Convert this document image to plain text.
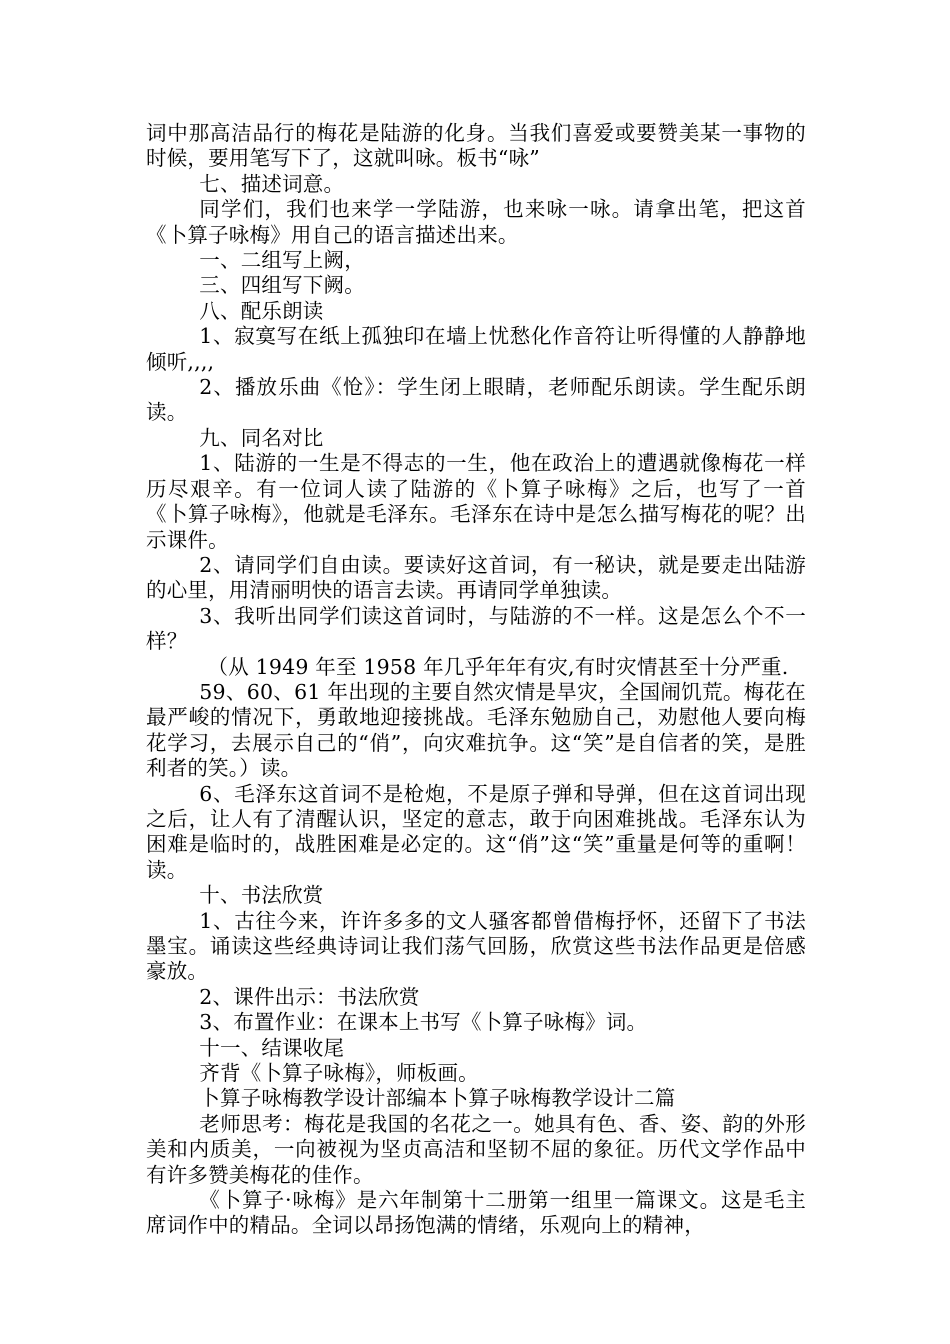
词中那高洁品行的梅花是陆游的化身。当我们喜爱或要赞美某一事物的时候，要用笔写下了，这就叫咏。板书“咏”

七、描述词意。

同学们，我们也来学一学陆游，也来咏一咏。请拿出笔，把这首《卜算子咏梅》用自己的语言描述出来。

一、二组写上阙，

三、四组写下阙。

八、配乐朗读

1、寂寞写在纸上孤独印在墙上忧愁化作音符让听得懂的人静静地倾听,,,,

2、播放乐曲《怆》：学生闭上眼睛，老师配乐朗读。学生配乐朗读。

九、同名对比

1、陆游的一生是不得志的一生，他在政治上的遭遇就像梅花一样历尽艰辛。有一位词人读了陆游的《卜算子咏梅》之后，也写了一首《卜算子咏梅》，他就是毛泽东。毛泽东在诗中是怎么描写梅花的呢？出示课件。

2、请同学们自由读。要读好这首词，有一秘诀，就是要走出陆游的心里，用清丽明快的语言去读。再请同学单独读。

3、我听出同学们读这首词时，与陆游的不一样。这是怎么个不一样？

（从 1949 年至 1958 年几乎年年有灾,有时灾情甚至十分严重.

59、60、61 年出现的主要自然灾情是旱灾，全国闹饥荒。梅花在最严峻的情况下，勇敢地迎接挑战。毛泽东勉励自己，劝慰他人要向梅花学习，去展示自己的“俏”，向灾难抗争。这“笑”是自信者的笑，是胜利者的笑。）读。

6、毛泽东这首词不是枪炮，不是原子弹和导弹，但在这首词出现之后，让人有了清醒认识，坚定的意志，敢于向困难挑战。毛泽东认为困难是临时的，战胜困难是必定的。这“俏”这“笑”重量是何等的重啊！读。

十、书法欣赏

1、古往今来，许许多多的文人骚客都曾借梅抒怀，还留下了书法墨宝。诵读这些经典诗词让我们荡气回肠，欣赏这些书法作品更是倍感豪放。

2、课件出示：书法欣赏

3、布置作业：在课本上书写《卜算子咏梅》词。

十一、结课收尾

齐背《卜算子咏梅》，师板画。

卜算子咏梅教学设计部编本卜算子咏梅教学设计二篇

老师思考：梅花是我国的名花之一。她具有色、香、姿、韵的外形美和内质美，一向被视为坚贞高洁和坚韧不屈的象征。历代文学作品中有许多赞美梅花的佳作。

《卜算子·咏梅》是六年制第十二册第一组里一篇课文。这是毛主席词作中的精品。全词以昂扬饱满的情绪，乐观向上的精神，
